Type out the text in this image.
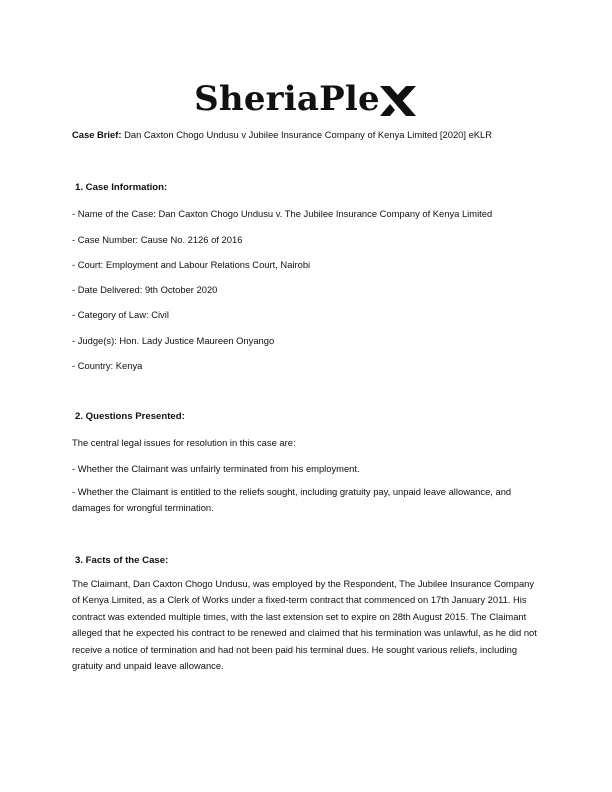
SheriaPle
Case Brief: Dan Caxton Chogo Undusu v Jubilee Insurance Company of Kenya Limited [2020] eKLR
1. Case Information:
- Name of the Case: Dan Caxton Chogo Undusu v. The Jubilee Insurance Company of Kenya Limited
- Case Number: Cause No. 2126 of 2016
- Court: Employment and Labour Relations Court, Nairobi
- Date Delivered: 9th October 2020
- Category of Law: Civil
- Judge(s): Hon. Lady Justice Maureen Onyango
- Country: Kenya
2. Questions Presented:
The central legal issues for resolution in this case are:
- Whether the Claimant was unfairly terminated from his employment.
- Whether the Claimant is entitled to the reliefs sought, including gratuity pay, unpaid leave allowance, and damages for wrongful termination.
3. Facts of the Case:
The Claimant, Dan Caxton Chogo Undusu, was employed by the Respondent, The Jubilee Insurance Company of Kenya Limited, as a Clerk of Works under a fixed-term contract that commenced on 17th January 2011. His contract was extended multiple times, with the last extension set to expire on 28th August 2015. The Claimant alleged that he expected his contract to be renewed and claimed that his termination was unlawful, as he did not receive a notice of termination and had not been paid his terminal dues. He sought various reliefs, including gratuity and unpaid leave allowance.
